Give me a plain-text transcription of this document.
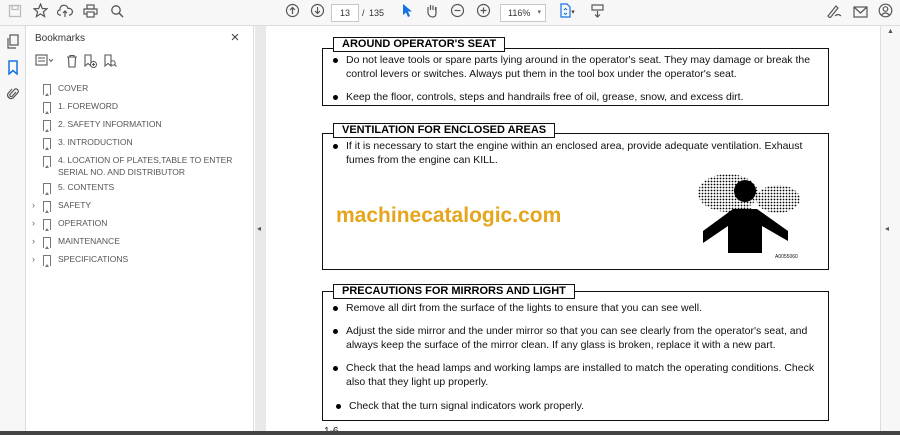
13	/ 135	116% ▾	▾
Bookmarks	×
COVER
1. FOREWORD
2. SAFETY INFORMATION
3. INTRODUCTION
4. LOCATION OF PLATES,TABLE TO ENTER SERIAL NO. AND DISTRIBUTOR
5. CONTENTS
›	SAFETY
›	OPERATION
›	MAINTENANCE
›	SPECIFICATIONS
◂
AROUND OPERATOR'S SEAT
Do not leave tools or spare parts lying around in the operator's seat. They may damage or break the control levers or switches. Always put them in the tool box under the operator's seat.
Keep the floor, controls, steps and handrails free of oil, grease, snow, and excess dirt.
VENTILATION FOR ENCLOSED AREAS
If it is necessary to start the engine within an enclosed area, provide adequate ventilation. Exhaust fumes from the engine can KILL.
machinecatalogic.com
A0055060
PRECAUTIONS FOR MIRRORS AND LIGHT
Remove all dirt from the surface of the lights to ensure that you can see well.
Adjust the side mirror and the under mirror so that you can see clearly from the operator's seat, and always keep the surface of the mirror clean. If any glass is broken, replace it with a new part.
Check that the head lamps and working lamps are installed to match the operating conditions. Check also that they light up properly.
Check that the turn signal indicators work properly.
▲
◂
